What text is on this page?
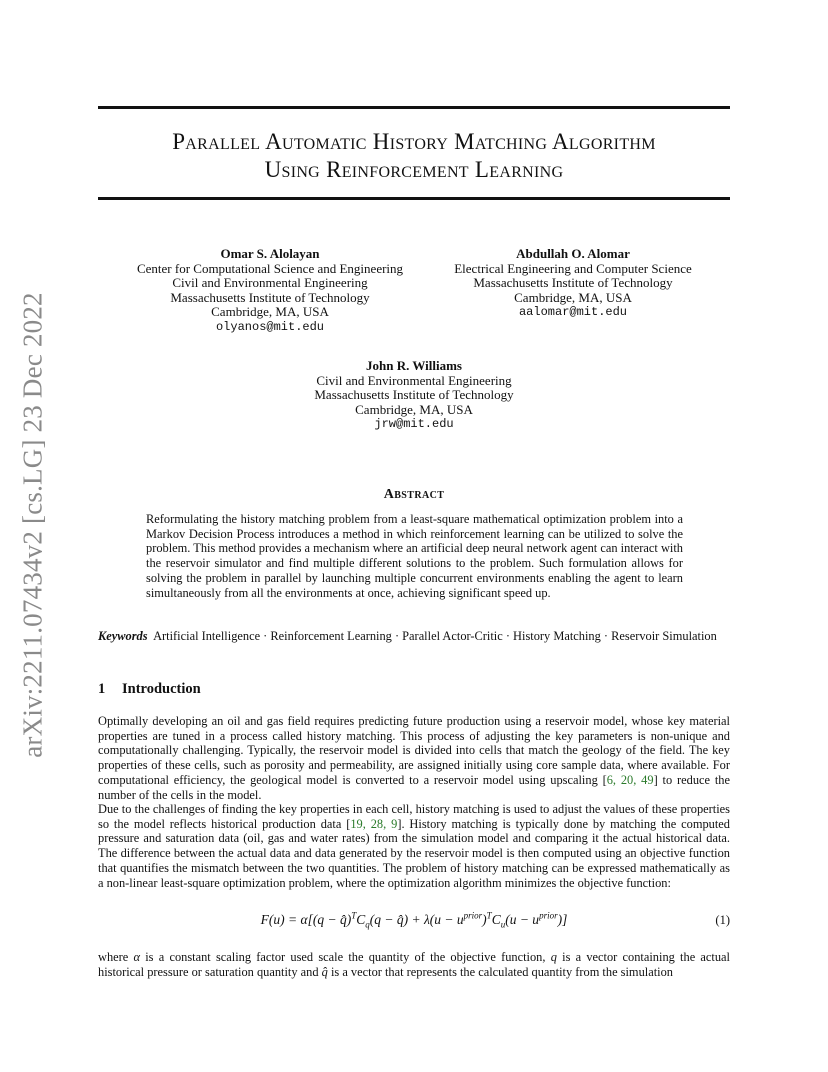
arXiv:2211.07434v2 [cs.LG] 23 Dec 2022
Parallel Automatic History Matching Algorithm
Using Reinforcement Learning
Omar S. Alolayan
Center for Computational Science and Engineering
Civil and Environmental Engineering
Massachusetts Institute of Technology
Cambridge, MA, USA
olyanos@mit.edu
Abdullah O. Alomar
Electrical Engineering and Computer Science
Massachusetts Institute of Technology
Cambridge, MA, USA
aalomar@mit.edu
John R. Williams
Civil and Environmental Engineering
Massachusetts Institute of Technology
Cambridge, MA, USA
jrw@mit.edu
Abstract
Reformulating the history matching problem from a least-square mathematical optimization problem into a Markov Decision Process introduces a method in which reinforcement learning can be utilized to solve the problem. This method provides a mechanism where an artificial deep neural network agent can interact with the reservoir simulator and find multiple different solutions to the problem. Such formulation allows for solving the problem in parallel by launching multiple concurrent environments enabling the agent to learn simultaneously from all the environments at once, achieving significant speed up.
Keywords Artificial Intelligence · Reinforcement Learning · Parallel Actor-Critic · History Matching · Reservoir Simulation
1 Introduction
Optimally developing an oil and gas field requires predicting future production using a reservoir model, whose key material properties are tuned in a process called history matching. This process of adjusting the key parameters is non-unique and computationally challenging. Typically, the reservoir model is divided into cells that match the geology of the field. The key properties of these cells, such as porosity and permeability, are assigned initially using core sample data, where available. For computational efficiency, the geological model is converted to a reservoir model using upscaling [6, 20, 49] to reduce the number of the cells in the model.
Due to the challenges of finding the key properties in each cell, history matching is used to adjust the values of these properties so the model reflects historical production data [19, 28, 9]. History matching is typically done by matching the computed pressure and saturation data (oil, gas and water rates) from the simulation model and comparing it the actual historical data. The difference between the actual data and data generated by the reservoir model is then computed using an objective function that quantifies the mismatch between the two quantities. The problem of history matching can be expressed mathematically as a non-linear least-square optimization problem, where the optimization algorithm minimizes the objective function:
$F(u) = \alpha[(q - q̂)^TC_q(q$ − q̂) + $\lambda(u - u^{prior})^TC_u(u - u^{prior})$]	(1)
where α is a constant scaling factor used scale the quantity of the objective function, q is a vector containing the actual historical pressure or saturation quantity and q̂ is a vector that represents the calculated quantity from the simulation
